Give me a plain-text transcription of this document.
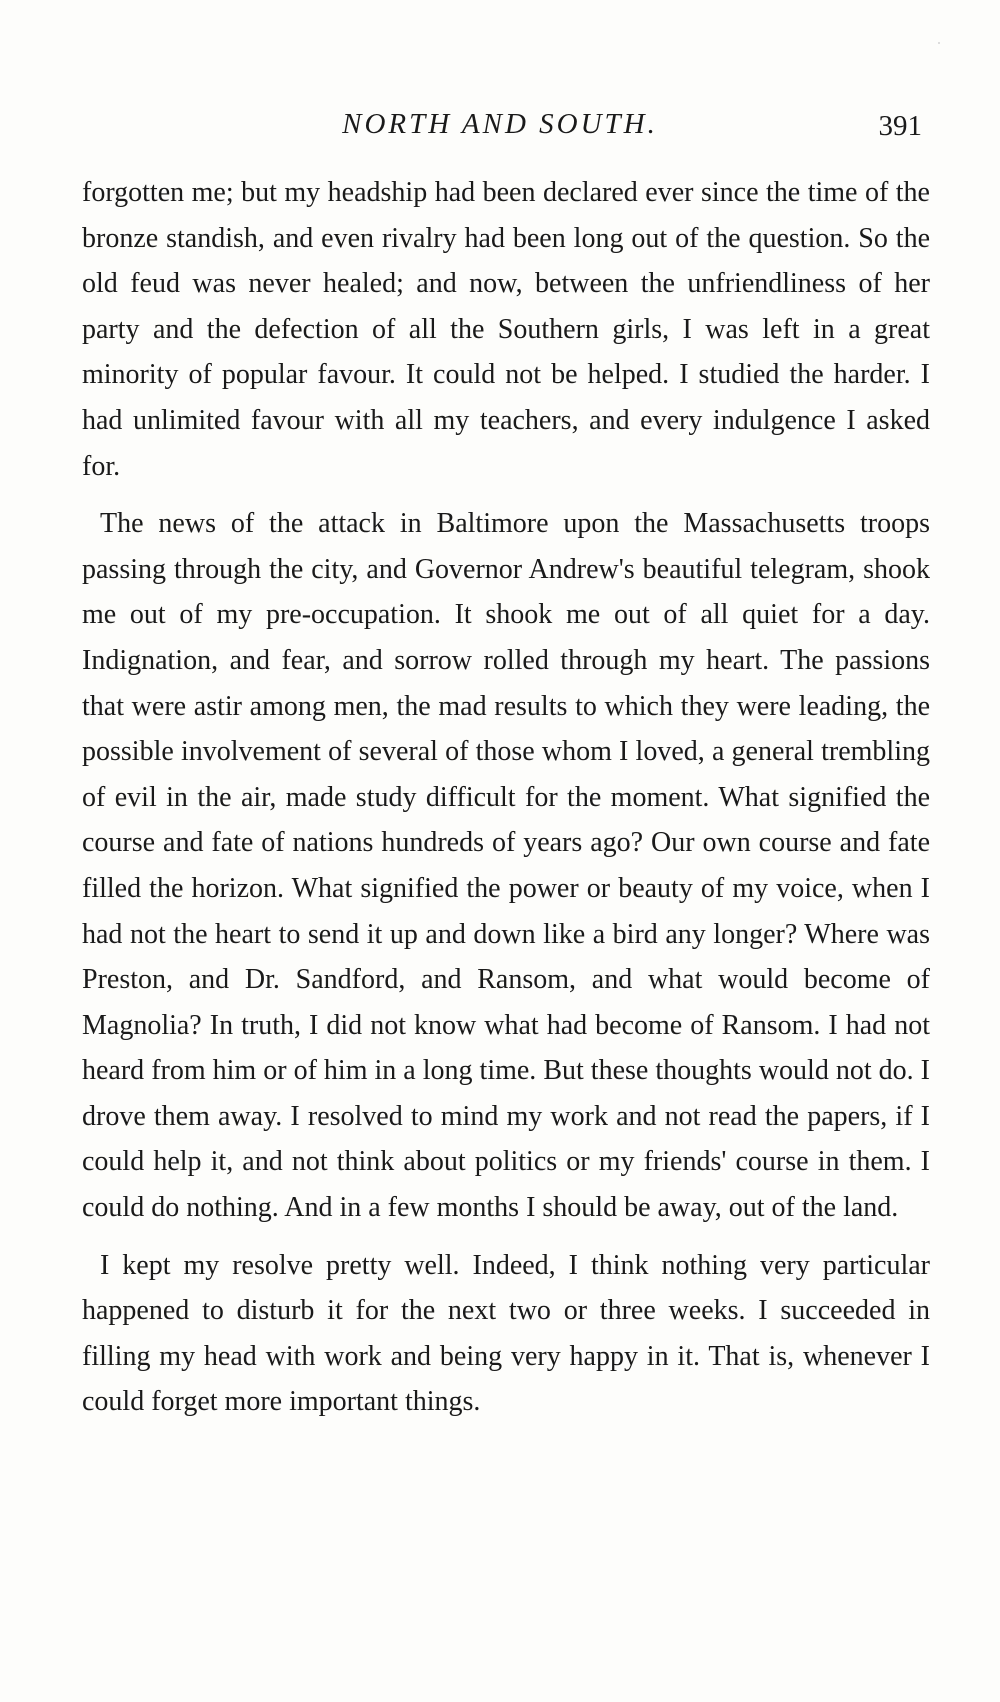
NORTH AND SOUTH.	391

forgotten me; but my headship had been declared ever since the time of the bronze standish, and even rivalry had been long out of the question. So the old feud was never healed; and now, between the unfriendliness of her party and the defection of all the Southern girls, I was left in a great minority of popular favour. It could not be helped. I studied the harder. I had unlimited favour with all my teachers, and every indulgence I asked for.

The news of the attack in Baltimore upon the Massachusetts troops passing through the city, and Governor Andrew's beautiful telegram, shook me out of my pre-occupation. It shook me out of all quiet for a day. Indignation, and fear, and sorrow rolled through my heart. The passions that were astir among men, the mad results to which they were leading, the possible involvement of several of those whom I loved, a general trembling of evil in the air, made study difficult for the moment. What signified the course and fate of nations hundreds of years ago? Our own course and fate filled the horizon. What signified the power or beauty of my voice, when I had not the heart to send it up and down like a bird any longer? Where was Preston, and Dr. Sandford, and Ransom, and what would become of Magnolia? In truth, I did not know what had become of Ransom. I had not heard from him or of him in a long time. But these thoughts would not do. I drove them away. I resolved to mind my work and not read the papers, if I could help it, and not think about politics or my friends' course in them. I could do nothing. And in a few months I should be away, out of the land.

I kept my resolve pretty well. Indeed, I think nothing very particular happened to disturb it for the next two or three weeks. I succeeded in filling my head with work and being very happy in it. That is, whenever I could forget more important things.
